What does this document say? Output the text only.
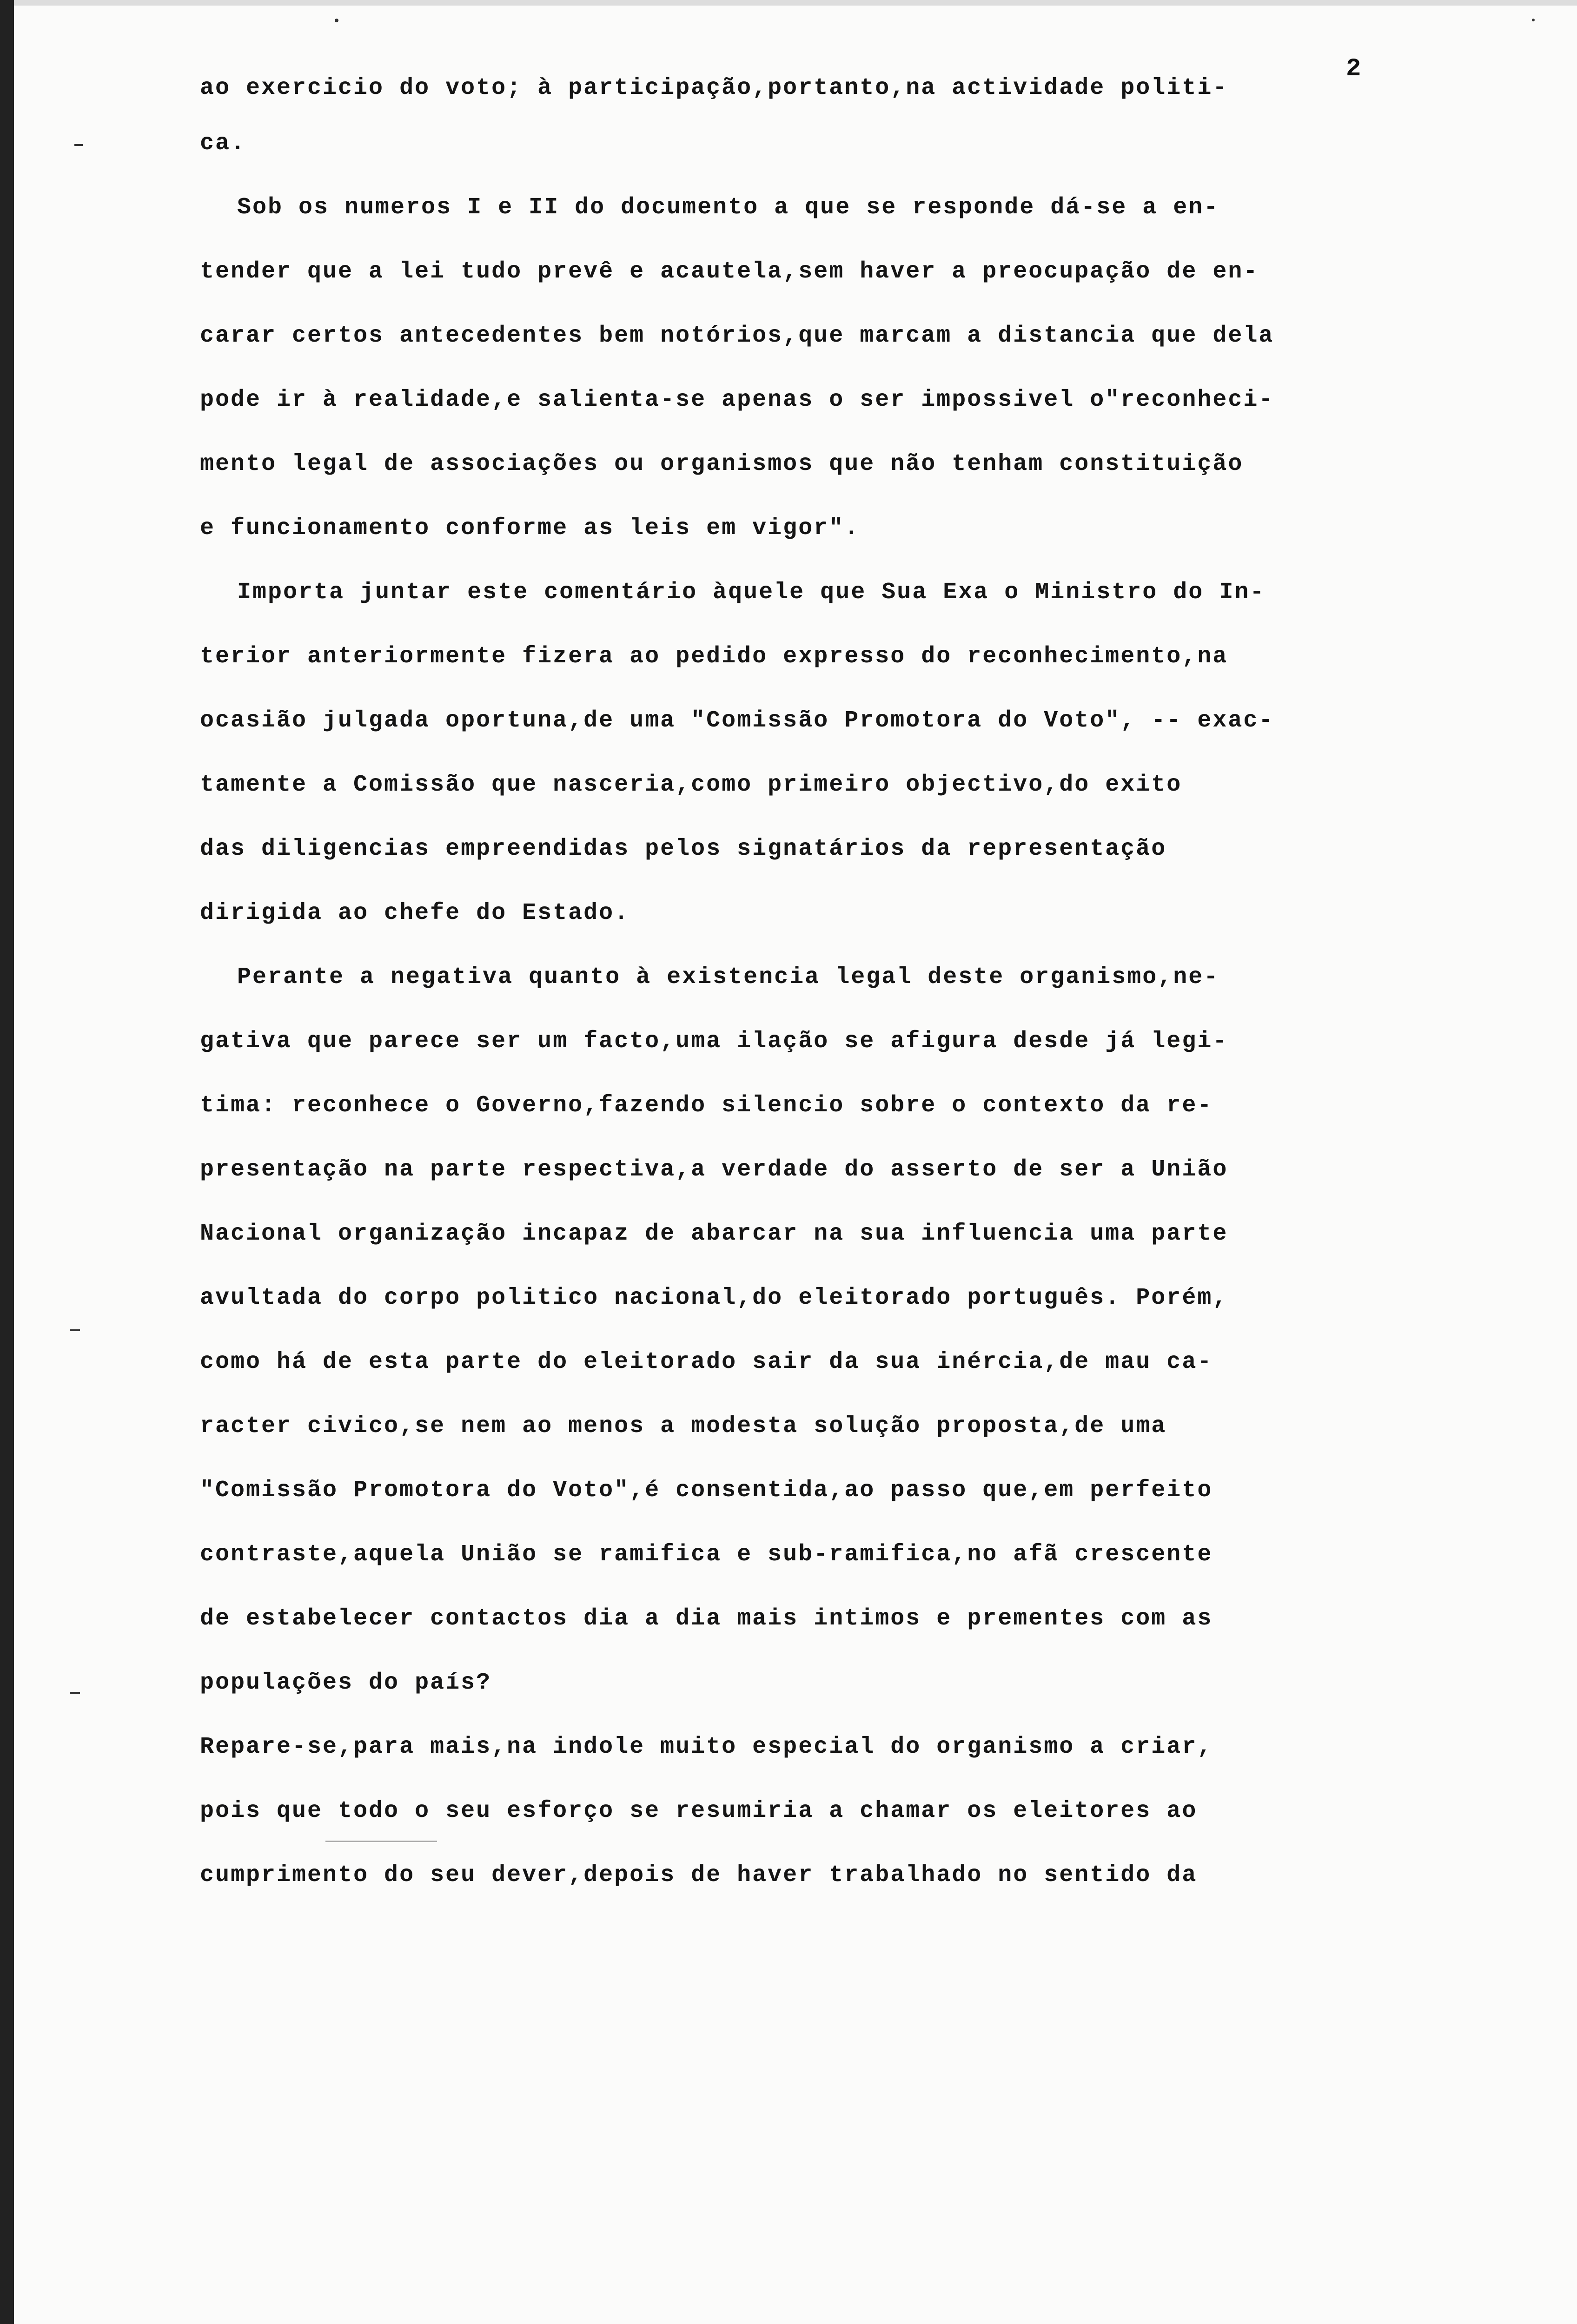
2
ao exercicio do voto; à participação,portanto,na actividade politi-
ca.
Sob os numeros I e II do documento a que se responde dá-se a en-
tender que a lei tudo prevê e acautela,sem haver a preocupação de en-
carar certos antecedentes bem notórios,que marcam a distancia que dela
pode ir à realidade,e salienta-se apenas o ser impossivel o"reconheci-
mento legal de associações ou organismos que não tenham constituição
e funcionamento conforme as leis em vigor".
Importa juntar este comentário àquele que Sua Exa o Ministro do In-
terior anteriormente fizera ao pedido expresso do reconhecimento,na
ocasião julgada oportuna,de uma "Comissão Promotora do Voto", -- exac-
tamente a Comissão que nasceria,como primeiro objectivo,do exito
das diligencias empreendidas pelos signatários da representação
dirigida ao chefe do Estado.
Perante a negativa quanto à existencia legal deste organismo,ne-
gativa que parece ser um facto,uma ilação se afigura desde já legi-
tima: reconhece o Governo,fazendo silencio sobre o contexto da re-
presentação na parte respectiva,a verdade do asserto de ser a União
Nacional organização incapaz de abarcar na sua influencia uma parte
avultada do corpo politico nacional,do eleitorado português. Porém,
como há de esta parte do eleitorado sair da sua inércia,de mau ca-
racter civico,se nem ao menos a modesta solução proposta,de uma
"Comissão Promotora do Voto",é consentida,ao passo que,em perfeito
contraste,aquela União se ramifica e sub-ramifica,no afã crescente
de estabelecer contactos dia a dia mais intimos e prementes com as
populações do país?
Repare-se,para mais,na indole muito especial do organismo a criar,
pois que todo o seu esforço se resumiria a chamar os eleitores ao
cumprimento do seu dever,depois de haver trabalhado no sentido da
